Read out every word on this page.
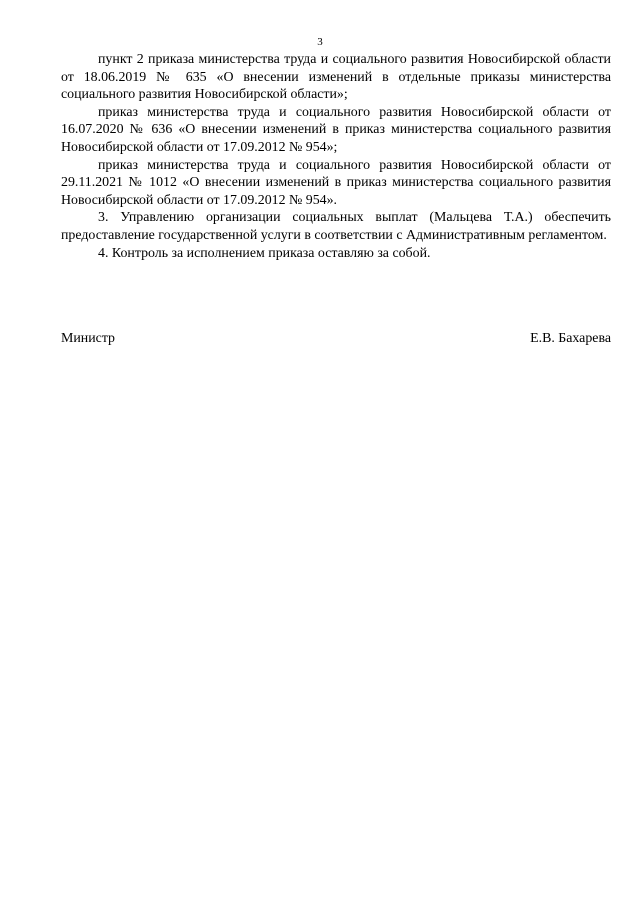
3

пункт 2 приказа министерства труда и социального развития Новосибирской области от 18.06.2019 № 635 «О внесении изменений в отдельные приказы министерства социального развития Новосибирской области»;

приказ министерства труда и социального развития Новосибирской области от 16.07.2020 № 636 «О внесении изменений в приказ министерства социального развития Новосибирской области от 17.09.2012 № 954»;

приказ министерства труда и социального развития Новосибирской области от 29.11.2021 № 1012 «О внесении изменений в приказ министерства социального развития Новосибирской области от 17.09.2012 № 954».

3. Управлению организации социальных выплат (Мальцева Т.А.) обеспечить предоставление государственной услуги в соответствии с Административным регламентом.

4. Контроль за исполнением приказа оставляю за собой.

Министр	Е.В. Бахарева
